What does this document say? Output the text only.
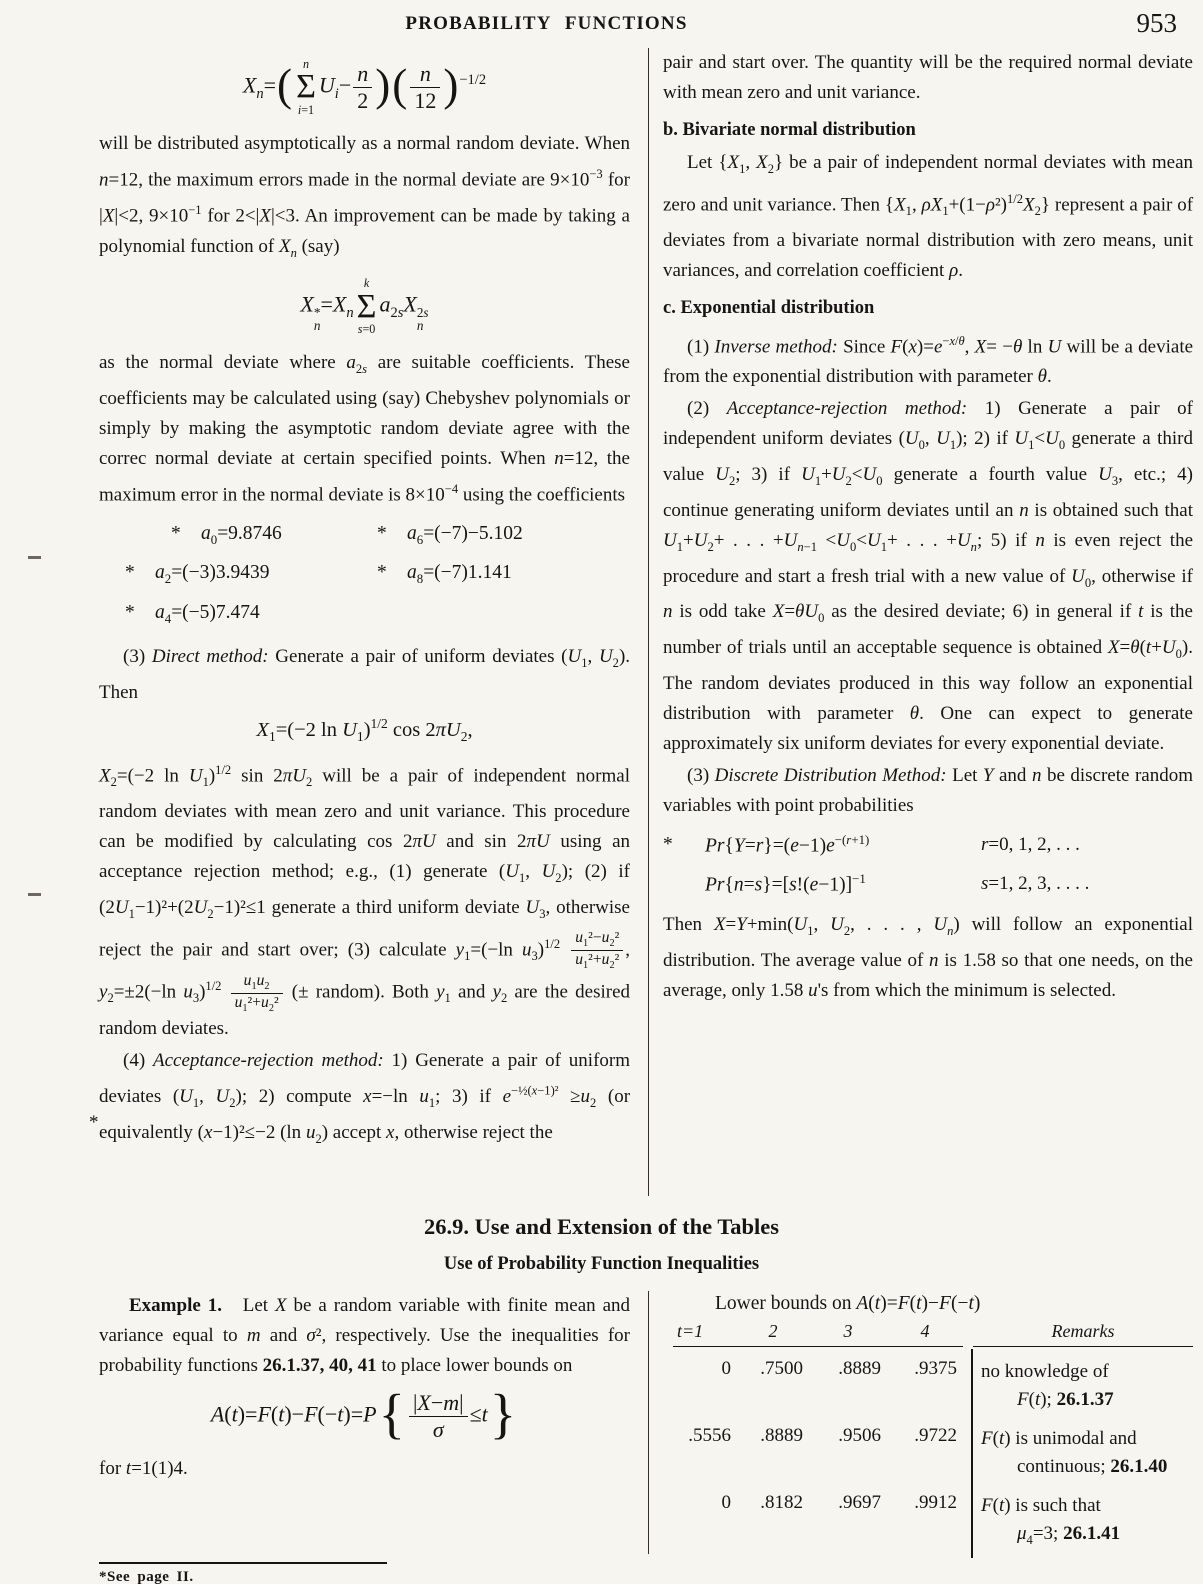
PROBABILITY FUNCTIONS	953
$X_n=$( n
Σ
i=1
$U_i- \frac{n}{2}$ )( $\frac{n}{12} )^{-1/2}$

will be distributed asymptotically as a normal random deviate. When n=12, the maximum errors made in the normal deviate are $9\times 10^{-3}$ for |X|<2, $9\times 10^{-1}$ for 2<|X|<3. An improvement can be made by taking a polynomial function of $X_n$ (say)

X *
n
$=X_n$
k
Σ
s=0
$a_{2s}X$ 2s
n

as the normal deviate where $a_{2s}$ are suitable coefficients. These coefficients may be calculated using (say) Chebyshev polynomials or simply by making the asymptotic random deviate agree with the correc normal deviate at certain specified points. When n=12, the maximum error in the normal deviate is $8\times 10^{-4}$ using the coefficients

*	$a_0=9.8746$	*	$a_6=(-7)-5.102$
*	$a_2=(-3)3.9439$	*	$a_8=(-7)1.141$
*	$a_4=(-5)7.474$

(3) Direct method: Generate a pair of uniform deviates ($U_1$, $U_2$). Then

$X_1=(-2$ $\ln U_1)^{1/2}$ $\cos 2\pi U_2$,

$X_2=(-2$ $\ln U_1)^{1/2}$ $\sin 2\pi U_2$ will be a pair of independent normal random deviates with mean zero and unit variance. This procedure can be modified by calculating cos 2πU and sin 2πU using an acceptance rejection method; e.g., (1) generate ($U_1$, $U_2$); (2) if $(2U_1-1)^2+(2U_2-1)^2\le 1$ generate a third uniform deviate $U_3$, otherwise reject the pair and start over; (3) calculate $y_1=(-\ln$ $u_3)^{1/2} \frac{u_1^2-u_2^2}{u_1^2+u_2^2}$ , $y_2=\pm 2(-\ln$ $u_3)^{1/2} \frac{u_1u_2}{u_1^2+u_2^2}$ (± random). Both $y_1$ and $y_2$ are the desired random deviates.

*
(4) Acceptance-rejection method: 1) Generate a pair of uniform deviates ($U_1$, $U_2$); 2) compute x=−ln $u_1$; 3) if $e^{-\frac{1}{2}(x-1)^2} \ge u_2$ (or equivalently (x−1)²≤−2 (ln $u_2$) accept x, otherwise reject the

pair and start over. The quantity will be the required normal deviate with mean zero and unit variance.

b. Bivariate normal distribution

Let {$X_1$, $X_2$} be a pair of independent normal deviates with mean zero and unit variance. Then {$X_1$, $\rho X_1+(1-\rho^2)^{1/2}X_2$} represent a pair of deviates from a bivariate normal distribution with zero means, unit variances, and correlation coefficient ρ.

c. Exponential distribution

(1) Inverse method: Since $F(x)=e^{-x/\theta}$, X= −θ ln U will be a deviate from the exponential distribution with parameter θ.

(2) Acceptance-rejection method: 1) Generate a pair of independent uniform deviates ($U_0$, $U_1$); 2) if $U_1<U_0$ generate a third value $U_2$; 3) if $U_1+U_2<U_0$ generate a fourth value $U_3$, etc.; 4) continue generating uniform deviates until an n is obtained such that $U_1+U_2+$ . . . $+U_{n-1} <U_0<U_1+$ . . . $+U_n$; 5) if n is even reject the procedure and start a fresh trial with a new value of $U_0$, otherwise if n is odd take $X=\theta U_0$ as the desired deviate; 6) in general if t is the number of trials until an acceptable sequence is obtained $X=\theta(t+U_0)$. The random deviates produced in this way follow an exponential distribution with parameter θ. One can expect to generate approximately six uniform deviates for every exponential deviate.

(3) Discrete Distribution Method: Let Y and n be discrete random variables with point probabilities

*	$Pr\{Y=r\}=(e-1)e^{-(r+1)}$	r=0, 1, 2, . . .
$Pr\{n=s\}=[s!(e-1)]^{-1}$	s=1, 2, 3, . . . .

Then $X=Y+\min(U_1$, $U_2$, . . . , $U_n$) will follow an exponential distribution. The average value of n is 1.58 so that one needs, on the average, only 1.58 u's from which the minimum is selected.

26.9. Use and Extension of the Tables
Use of Probability Function Inequalities

Example 1.   Let X be a random variable with finite mean and variance equal to m and σ², respectively. Use the inequalities for probability functions 26.1.37, 40, 41 to place lower bounds on

$A(t)=F(t)-F(-t)=P\{ \frac{|X-m|}{\sigma} \le t\}$

for t=1(1)4.

Lower bounds on A(t)=F(t)−F(−t)
t=1	2	3	4	Remarks
0	.7500	.8889	.9375	no knowledge of
F(t); 26.1.37
.5556	.8889	.9506	.9722	F(t) is unimodal and
continuous; 26.1.40
0	.8182	.9697	.9912	F(t) is such that
$\mu_4=3$; 26.1.41
*See page II.
